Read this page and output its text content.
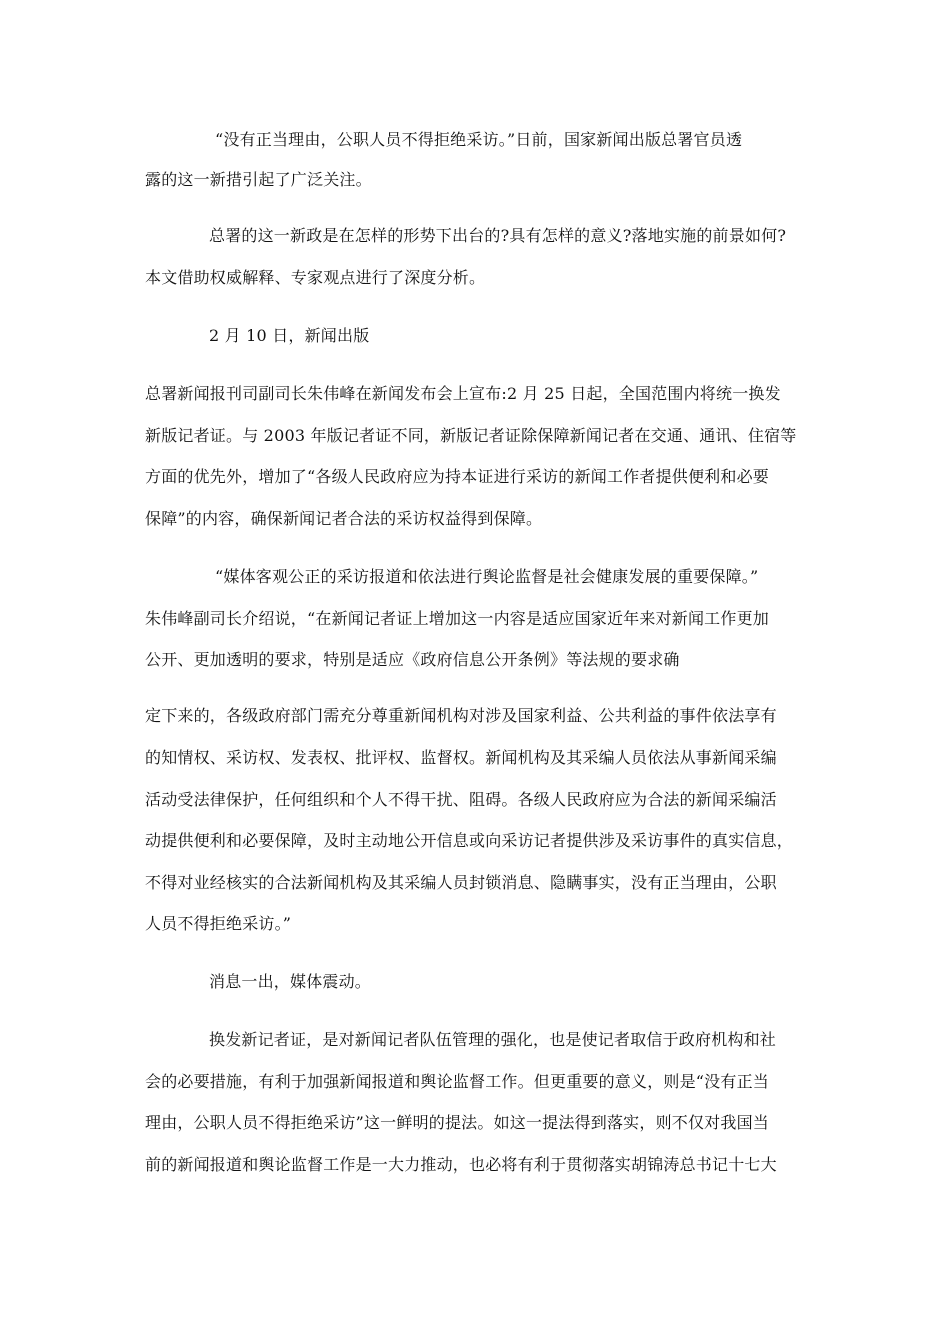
“没有正当理由，公职人员不得拒绝采访。”日前，国家新闻出版总署官员透
露的这一新措引起了广泛关注。
总署的这一新政是在怎样的形势下出台的?具有怎样的意义?落地实施的前景如何?
本文借助权威解释、专家观点进行了深度分析。
2 月 10 日，新闻出版
总署新闻报刊司副司长朱伟峰在新闻发布会上宣布:2 月 25 日起，全国范围内将统一换发
新版记者证。与 2003 年版记者证不同，新版记者证除保障新闻记者在交通、通讯、住宿等
方面的优先外，增加了“各级人民政府应为持本证进行采访的新闻工作者提供便利和必要
保障”的内容，确保新闻记者合法的采访权益得到保障。
“媒体客观公正的采访报道和依法进行舆论监督是社会健康发展的重要保障。”
朱伟峰副司长介绍说，“在新闻记者证上增加这一内容是适应国家近年来对新闻工作更加
公开、更加透明的要求，特别是适应《政府信息公开条例》等法规的要求确
定下来的，各级政府部门需充分尊重新闻机构对涉及国家利益、公共利益的事件依法享有
的知情权、采访权、发表权、批评权、监督权。新闻机构及其采编人员依法从事新闻采编
活动受法律保护，任何组织和个人不得干扰、阻碍。各级人民政府应为合法的新闻采编活
动提供便利和必要保障，及时主动地公开信息或向采访记者提供涉及采访事件的真实信息，
不得对业经核实的合法新闻机构及其采编人员封锁消息、隐瞒事实，没有正当理由，公职
人员不得拒绝采访。”
消息一出，媒体震动。
换发新记者证，是对新闻记者队伍管理的强化，也是使记者取信于政府机构和社
会的必要措施，有利于加强新闻报道和舆论监督工作。但更重要的意义，则是“没有正当
理由，公职人员不得拒绝采访”这一鲜明的提法。如这一提法得到落实，则不仅对我国当
前的新闻报道和舆论监督工作是一大力推动，也必将有利于贯彻落实胡锦涛总书记十七大
